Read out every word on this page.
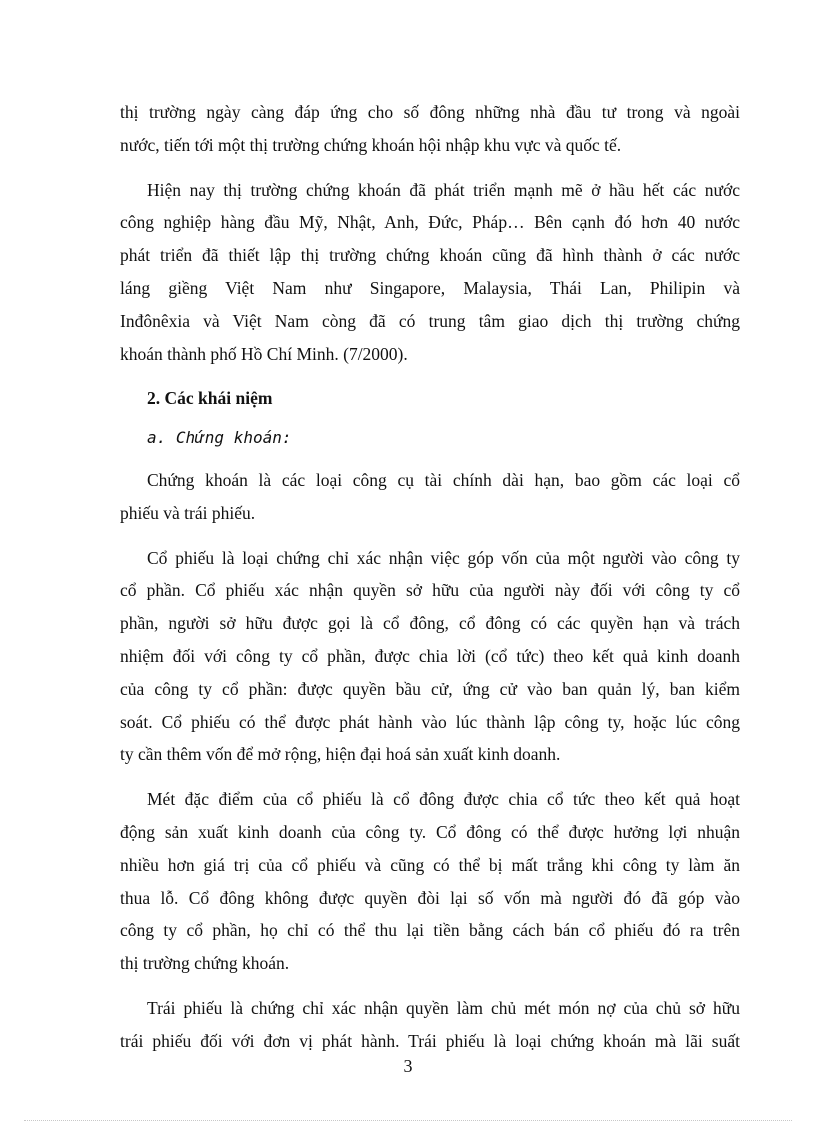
thị trường ngày càng đáp ứng cho số đông những nhà đầu tư trong và ngoài
nước, tiến tới một thị trường chứng khoán hội nhập khu vực và quốc tế.

Hiện nay thị trường chứng khoán đã phát triển mạnh mẽ ở hầu hết các nước
công nghiệp hàng đầu Mỹ, Nhật, Anh, Đức, Pháp… Bên cạnh đó hơn 40 nước
phát triển đã thiết lập thị trường chứng khoán cũng đã hình thành ở các nước
láng giềng Việt Nam như Singapore, Malaysia, Thái Lan, Philipin và
Inđônêxia và Việt Nam còng đã có trung tâm giao dịch thị trường chứng
khoán thành phố Hồ Chí Minh. (7/2000).

2. Các khái niệm
a. Chứng khoán:

Chứng khoán là các loại công cụ tài chính dài hạn, bao gồm các loại cổ
phiếu và trái phiếu.

Cổ phiếu là loại chứng chỉ xác nhận việc góp vốn của một người vào công ty
cổ phần. Cổ phiếu xác nhận quyền sở hữu của người này đối với công ty cổ
phần, người sở hữu được gọi là cổ đông, cổ đông có các quyền hạn và trách
nhiệm đối với công ty cổ phần, được chia lời (cổ tức) theo kết quả kinh doanh
của công ty cổ phần: được quyền bầu cử, ứng cử vào ban quản lý, ban kiểm
soát. Cổ phiếu có thể được phát hành vào lúc thành lập công ty, hoặc lúc công
ty cần thêm vốn để mở rộng, hiện đại hoá sản xuất kinh doanh.

Mét đặc điểm của cổ phiếu là cổ đông được chia cổ tức theo kết quả hoạt
động sản xuất kinh doanh của công ty. Cổ đông có thể được hưởng lợi nhuận
nhiều hơn giá trị của cổ phiếu và cũng có thể bị mất trắng khi công ty làm ăn
thua lỗ. Cổ đông không được quyền đòi lại số vốn mà người đó đã góp vào
công ty cổ phần, họ chỉ có thể thu lại tiền bằng cách bán cổ phiếu đó ra trên
thị trường chứng khoán.

Trái phiếu là chứng chỉ xác nhận quyền làm chủ mét món nợ của chủ sở hữu
trái phiếu đối với đơn vị phát hành. Trái phiếu là loại chứng khoán mà lãi suất

3
